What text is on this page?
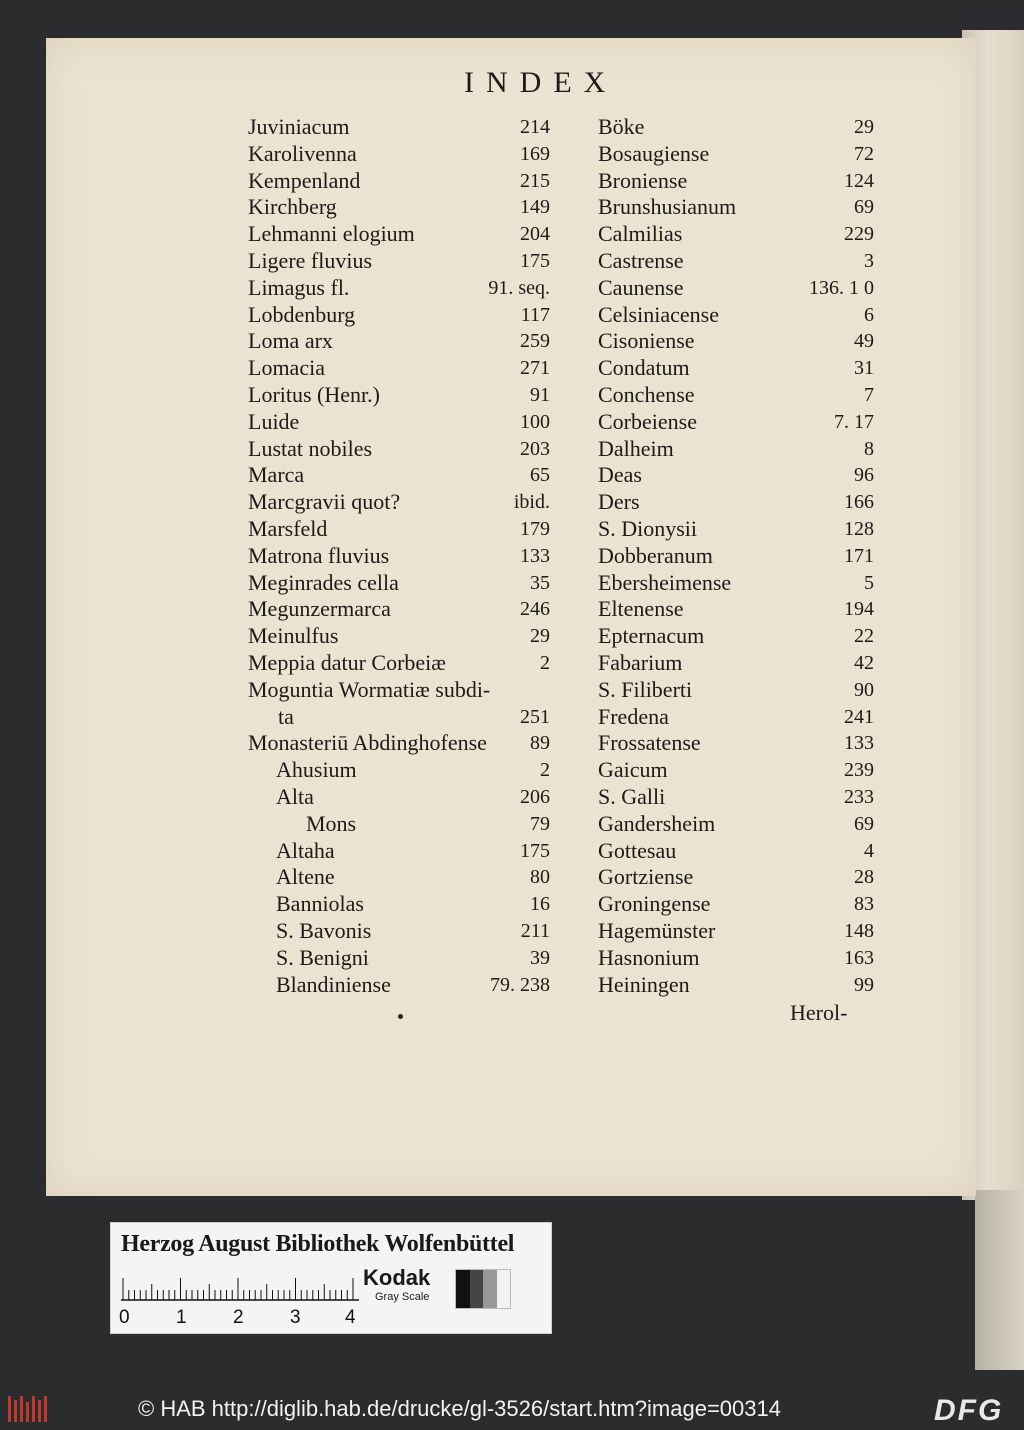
INDEX
Juviniacum	214
Karolivenna	169
Kempenland	215
Kirchberg	149
Lehmanni elogium	204
Ligere fluvius	175
Limagus fl.	91. seq.
Lobdenburg	117
Loma arx	259
Lomacia	271
Loritus (Henr.)	91
Luide	100
Lustat nobiles	203
Marca	65
Marcgravii quot?	ibid.
Marsfeld	179
Matrona fluvius	133
Meginrades cella	35
Megunzermarca	246
Meinulfus	29
Meppia datur Corbeiæ	2
Moguntia Wormatiæ subdi-
ta	251
Monasteriū Abdinghofense 89
Ahusium	2
Alta	206
Mons	79
Altaha	175
Altene	80
Banniolas	16
S. Bavonis	211
S. Benigni	39
Blandiniense	79. 238
Böke	29
Bosaugiense	72
Broniense	124
Brunshusianum	69
Calmilias	229
Castrense	3
Caunense	136. 1 0
Celsiniacense	6
Cisoniense	49
Condatum	31
Conchense	7
Corbeiense	7. 17
Dalheim	8
Deas	96
Ders	166
S. Dionysii	128
Dobberanum	171
Ebersheimense	5
Eltenense	194
Epternacum	22
Fabarium	42
S. Filiberti	90
Fredena	241
Frossatense	133
Gaicum	239
S. Galli	233
Gandersheim	69
Gottesau	4
Gortziense	28
Groningense	83
Hagemünster	148
Hasnonium	163
Heiningen	99
Herol-
Herzog August Bibliothek Wolfenbüttel
0 1 2 3 4
Kodak
Gray Scale
© HAB http://diglib.hab.de/drucke/gl-3526/start.htm?image=00314	DFG
